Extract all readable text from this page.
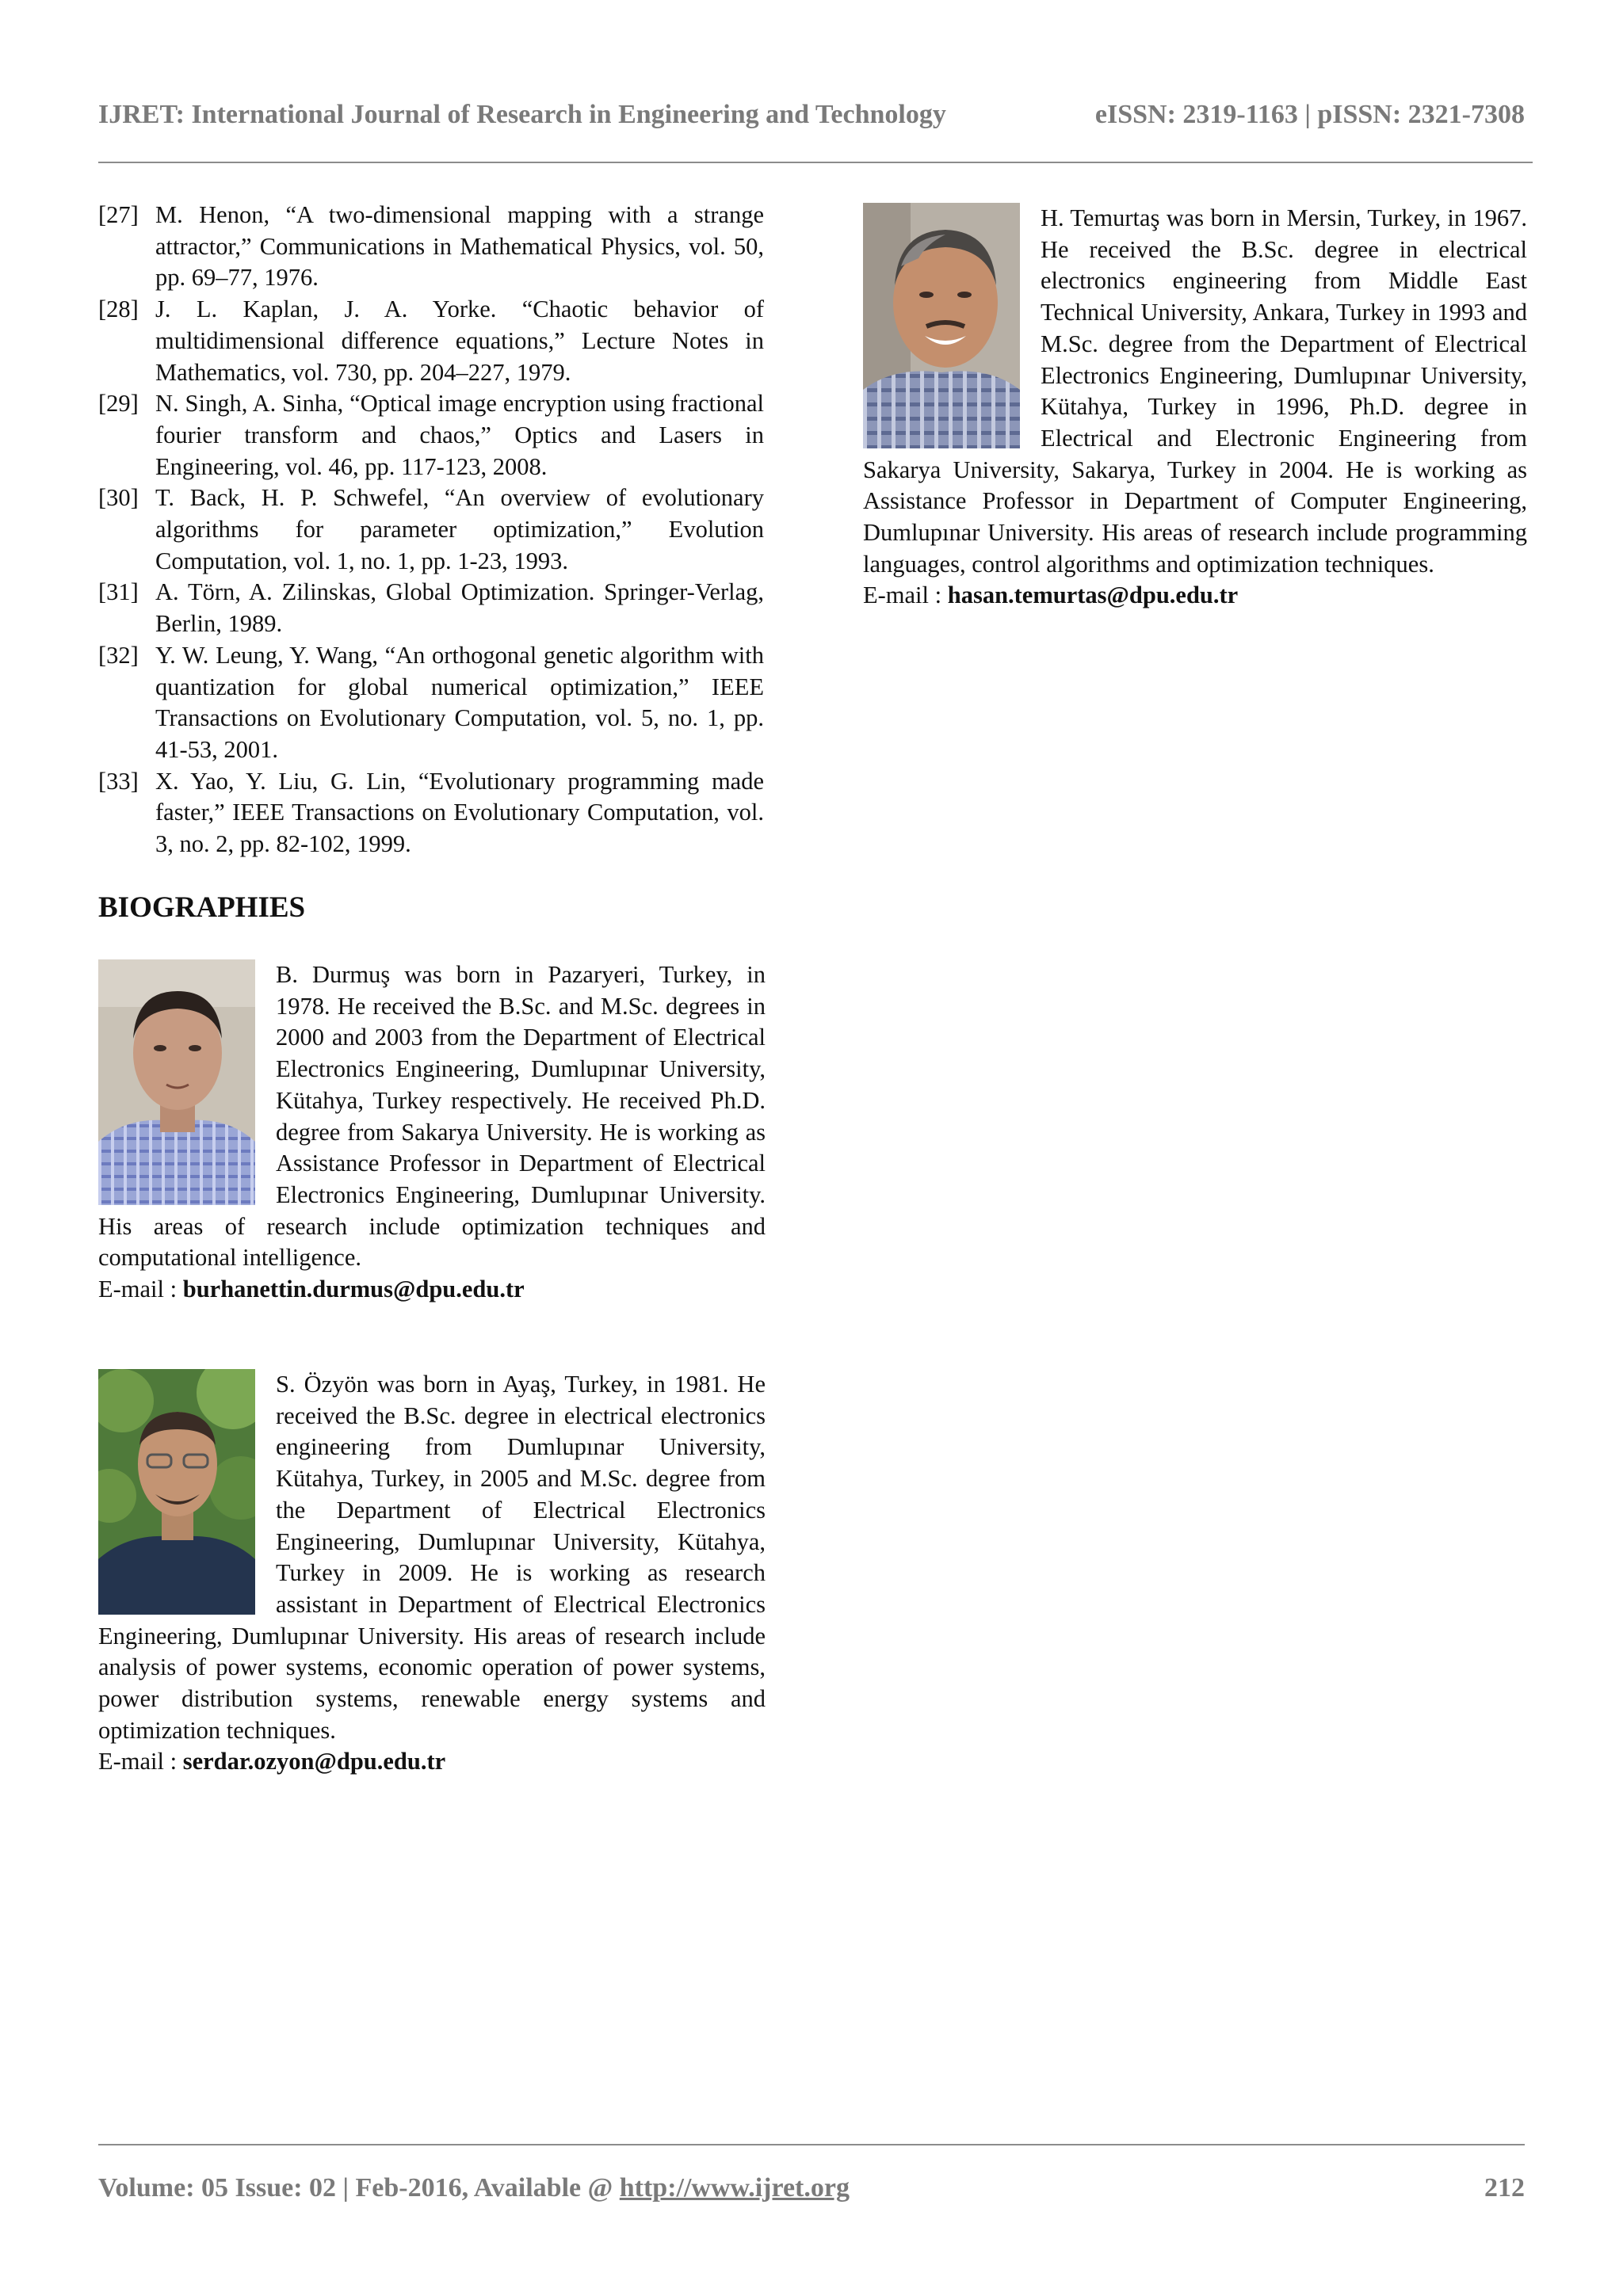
IJRET: International Journal of Research in Engineering and Technology	eISSN: 2319-1163 | pISSN: 2321-7308
[27] M. Henon, “A two-dimensional mapping with a strange attractor,” Communications in Mathematical Physics, vol. 50, pp. 69–77, 1976.
[28] J. L. Kaplan, J. A. Yorke. “Chaotic behavior of multidimensional difference equations,” Lecture Notes in Mathematics, vol. 730, pp. 204–227, 1979.
[29] N. Singh, A. Sinha, “Optical image encryption using fractional fourier transform and chaos,” Optics and Lasers in Engineering, vol. 46, pp. 117-123, 2008.
[30] T. Back, H. P. Schwefel, “An overview of evolutionary algorithms for parameter optimization,” Evolution Computation, vol. 1, no. 1, pp. 1-23, 1993.
[31] A. Törn, A. Zilinskas, Global Optimization. Springer-Verlag, Berlin, 1989.
[32] Y. W. Leung, Y. Wang, “An orthogonal genetic algorithm with quantization for global numerical optimization,” IEEE Transactions on Evolutionary Computation, vol. 5, no. 1, pp. 41-53, 2001.
[33] X. Yao, Y. Liu, G. Lin, “Evolutionary programming made faster,” IEEE Transactions on Evolutionary Computation, vol. 3, no. 2, pp. 82-102, 1999.
BIOGRAPHIES
B. Durmuş was born in Pazaryeri, Turkey, in 1978. He received the B.Sc. and M.Sc. degrees in 2000 and 2003 from the Department of Electrical Electronics Engineering, Dumlupınar University, Kütahya, Turkey respectively. He received Ph.D. degree from Sakarya University. He is working as Assistance Professor in Department of Electrical Electronics Engineering, Dumlupınar University. His areas of research include optimization techniques and computational intelligence.
E-mail : burhanettin.durmus@dpu.edu.tr
S. Özyön was born in Ayaş, Turkey, in 1981. He received the B.Sc. degree in electrical electronics engineering from Dumlupınar University, Kütahya, Turkey, in 2005 and M.Sc. degree from the Department of Electrical Electronics Engineering, Dumlupınar University, Kütahya, Turkey in 2009. He is working as research assistant in Department of Electrical Electronics Engineering, Dumlupınar University. His areas of research include analysis of power systems, economic operation of power systems, power distribution systems, renewable energy systems and optimization techniques.
E-mail : serdar.ozyon@dpu.edu.tr
H. Temurtaş was born in Mersin, Turkey, in 1967. He received the B.Sc. degree in electrical electronics engineering from Middle East Technical University, Ankara, Turkey in 1993 and M.Sc. degree from the Department of Electrical Electronics Engineering, Dumlupınar University, Kütahya, Turkey in 1996, Ph.D. degree in Electrical and Electronic Engineering from Sakarya University, Sakarya, Turkey in 2004. He is working as Assistance Professor in Department of Computer Engineering, Dumlupınar University. His areas of research include programming languages, control algorithms and optimization techniques.
E-mail : hasan.temurtas@dpu.edu.tr
Volume: 05 Issue: 02 | Feb-2016, Available @ http://www.ijret.org	212
